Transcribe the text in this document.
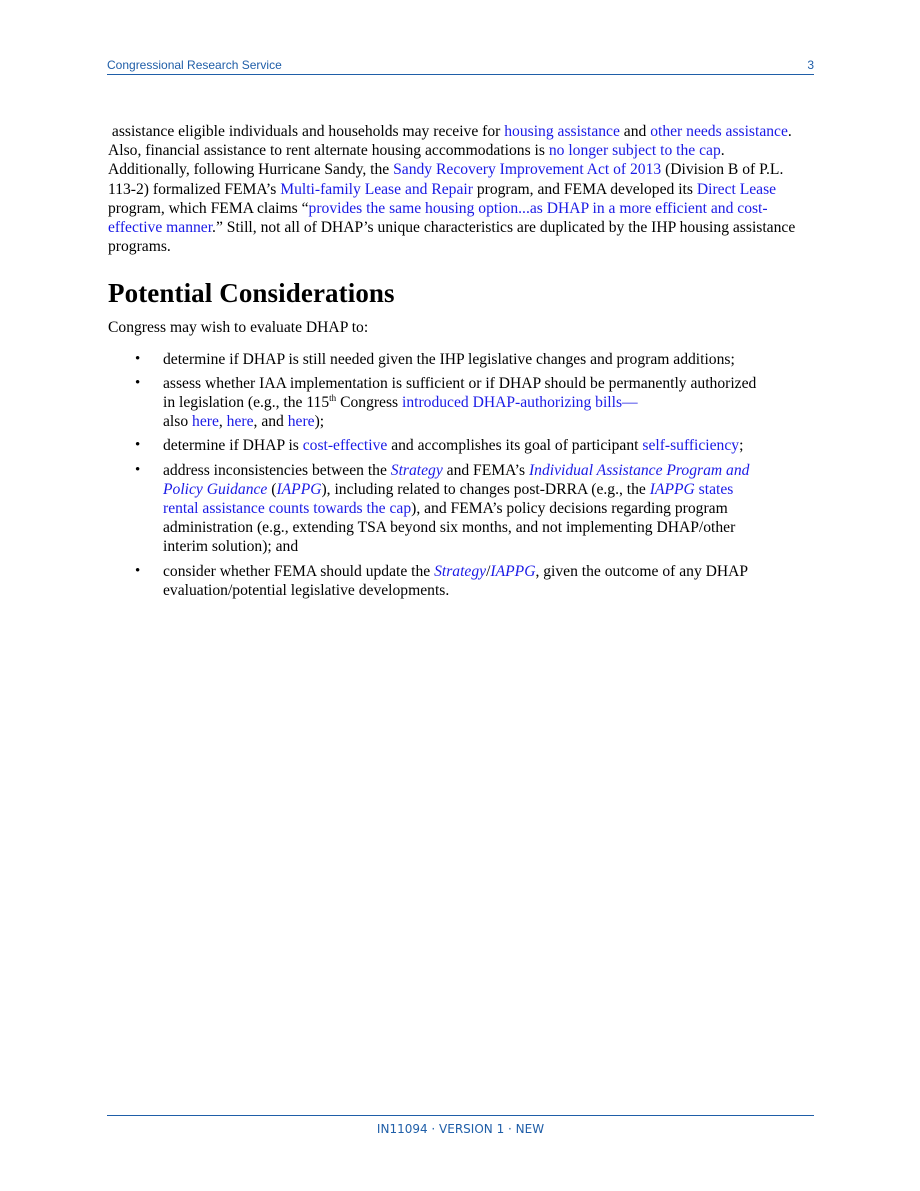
Congressional Research Service	3

assistance eligible individuals and households may receive for housing assistance and other needs assistance. Also, financial assistance to rent alternate housing accommodations is no longer subject to the cap. Additionally, following Hurricane Sandy, the Sandy Recovery Improvement Act of 2013 (Division B of P.L. 113-2) formalized FEMA’s Multi-family Lease and Repair program, and FEMA developed its Direct Lease program, which FEMA claims “provides the same housing option...as DHAP in a more efficient and cost-effective manner.” Still, not all of DHAP’s unique characteristics are duplicated by the IHP housing assistance programs.

Potential Considerations

Congress may wish to evaluate DHAP to:

• determine if DHAP is still needed given the IHP legislative changes and program additions;
• assess whether IAA implementation is sufficient or if DHAP should be permanently authorized in legislation (e.g., the 115th Congress introduced DHAP-authorizing bills—
also here, here, and here);
• determine if DHAP is cost-effective and accomplishes its goal of participant self-sufficiency;
• address inconsistencies between the Strategy and FEMA’s Individual Assistance Program and Policy Guidance (IAPPG), including related to changes post-DRRA (e.g., the IAPPG states rental assistance counts towards the cap), and FEMA’s policy decisions regarding program administration (e.g., extending TSA beyond six months, and not implementing DHAP/other interim solution); and
• consider whether FEMA should update the Strategy/IAPPG, given the outcome of any DHAP evaluation/potential legislative developments.
IN11094 · VERSION 1 · NEW
